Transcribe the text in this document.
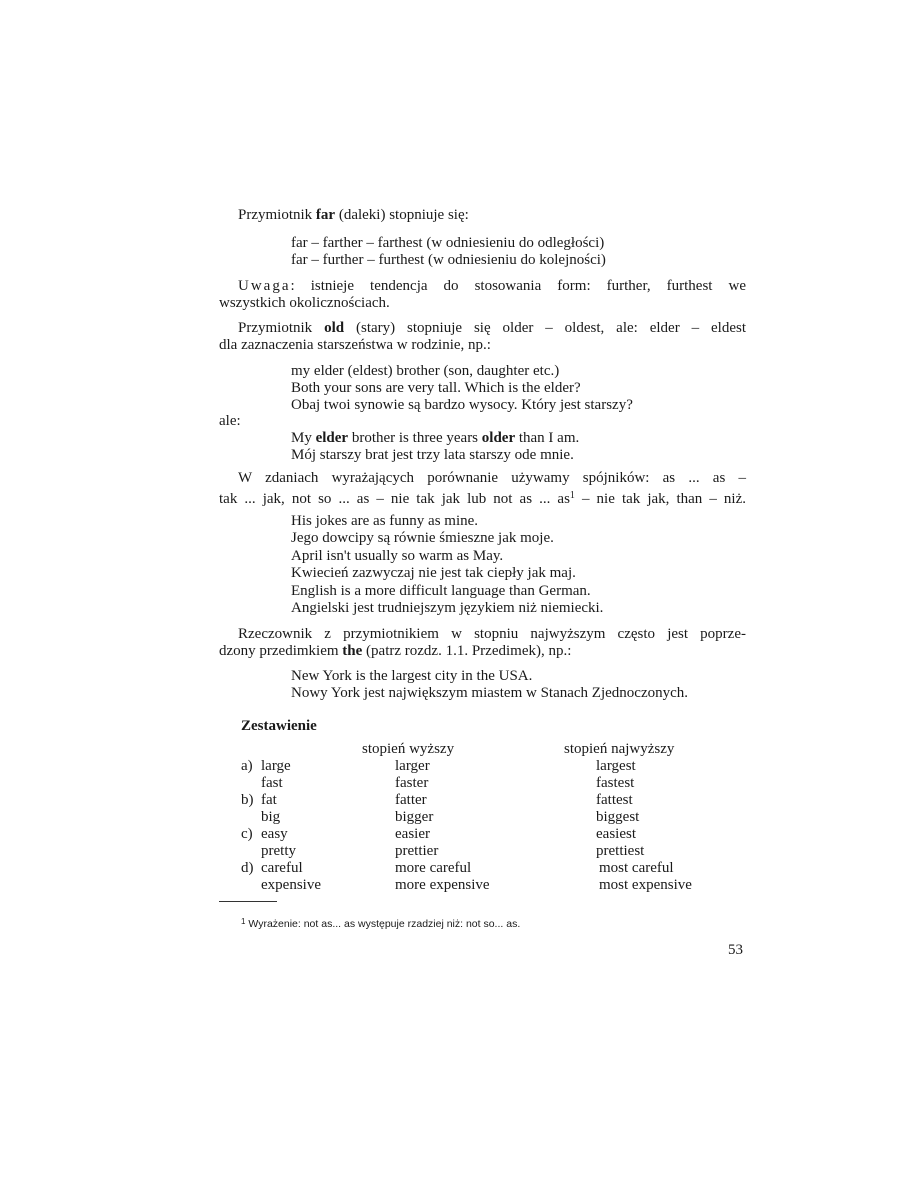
Przymiotnik far (daleki) stopniuje się:
far – farther – farthest (w odniesieniu do odległości)
far – further – furthest (w odniesieniu do kolejności)
Uwaga: istnieje tendencja do stosowania form: further, furthest we
wszystkich okolicznościach.
Przymiotnik old (stary) stopniuje się older – oldest, ale: elder – eldest
dla zaznaczenia starszeństwa w rodzinie, np.:
my elder (eldest) brother (son, daughter etc.)
Both your sons are very tall. Which is the elder?
Obaj twoi synowie są bardzo wysocy. Który jest starszy?
ale:
My elder brother is three years older than I am.
Mój starszy brat jest trzy lata starszy ode mnie.
W zdaniach wyrażających porównanie używamy spójników: as ... as –
tak ... jak, not so ... as – nie tak jak lub not as ... $as^1$ – nie tak jak, than – niż.
His jokes are as funny as mine.
Jego dowcipy są równie śmieszne jak moje.
April isn't usually so warm as May.
Kwiecień zazwyczaj nie jest tak ciepły jak maj.
English is a more difficult language than German.
Angielski jest trudniejszym językiem niż niemiecki.
Rzeczownik z przymiotnikiem w stopniu najwyższym często jest poprze-
dzony przedimkiem the (patrz rozdz. 1.1. Przedimek), np.:
New York is the largest city in the USA.
Nowy York jest największym miastem w Stanach Zjednoczonych.
Zestawienie
stopień wyższy	stopień najwyższy
a) large	larger	largest
fast	faster	fastest
b) fat	fatter	fattest
big	bigger	biggest
c) easy	easier	easiest
pretty	prettier	prettiest
d) careful	more careful	most careful
expensive	more expensive	most expensive
$^1$ Wyrażenie: not as... as występuje rzadziej niż: not so... as.
53
